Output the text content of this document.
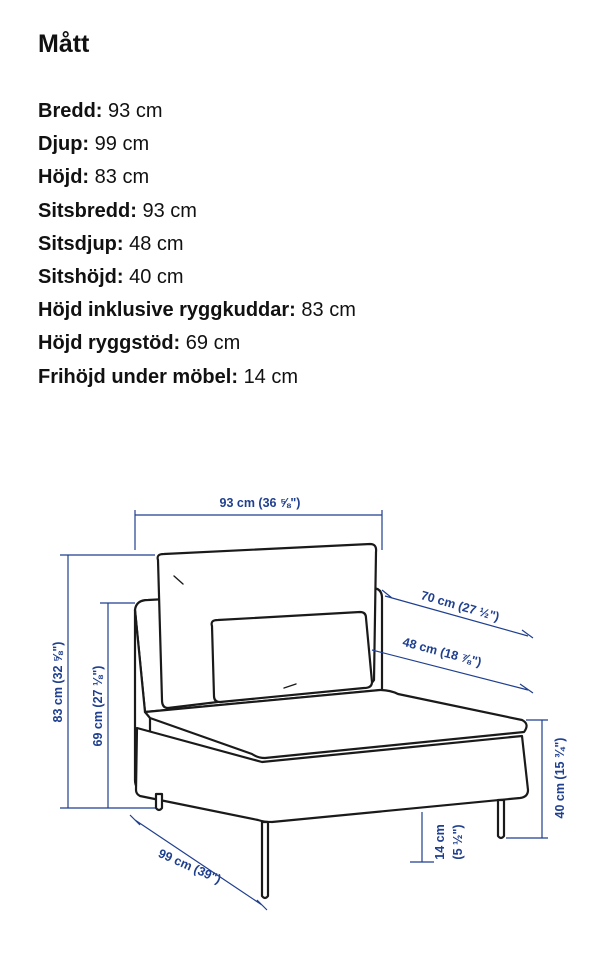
Mått
Bredd: 93 cm
Djup: 99 cm
Höjd: 83 cm
Sitsbredd: 93 cm
Sitsdjup: 48 cm
Sitshöjd: 40 cm
Höjd inklusive ryggkuddar: 83 cm
Höjd ryggstöd: 69 cm
Frihöjd under möbel: 14 cm
93 cm (36 ⅝")
70 cm (27 ½")
48 cm (18 ⅞")
83 cm (32 ⅝") 69 cm (27 ⅛")
40 cm (15 ¾")
14 cm (5 ½")
99 cm (39")
